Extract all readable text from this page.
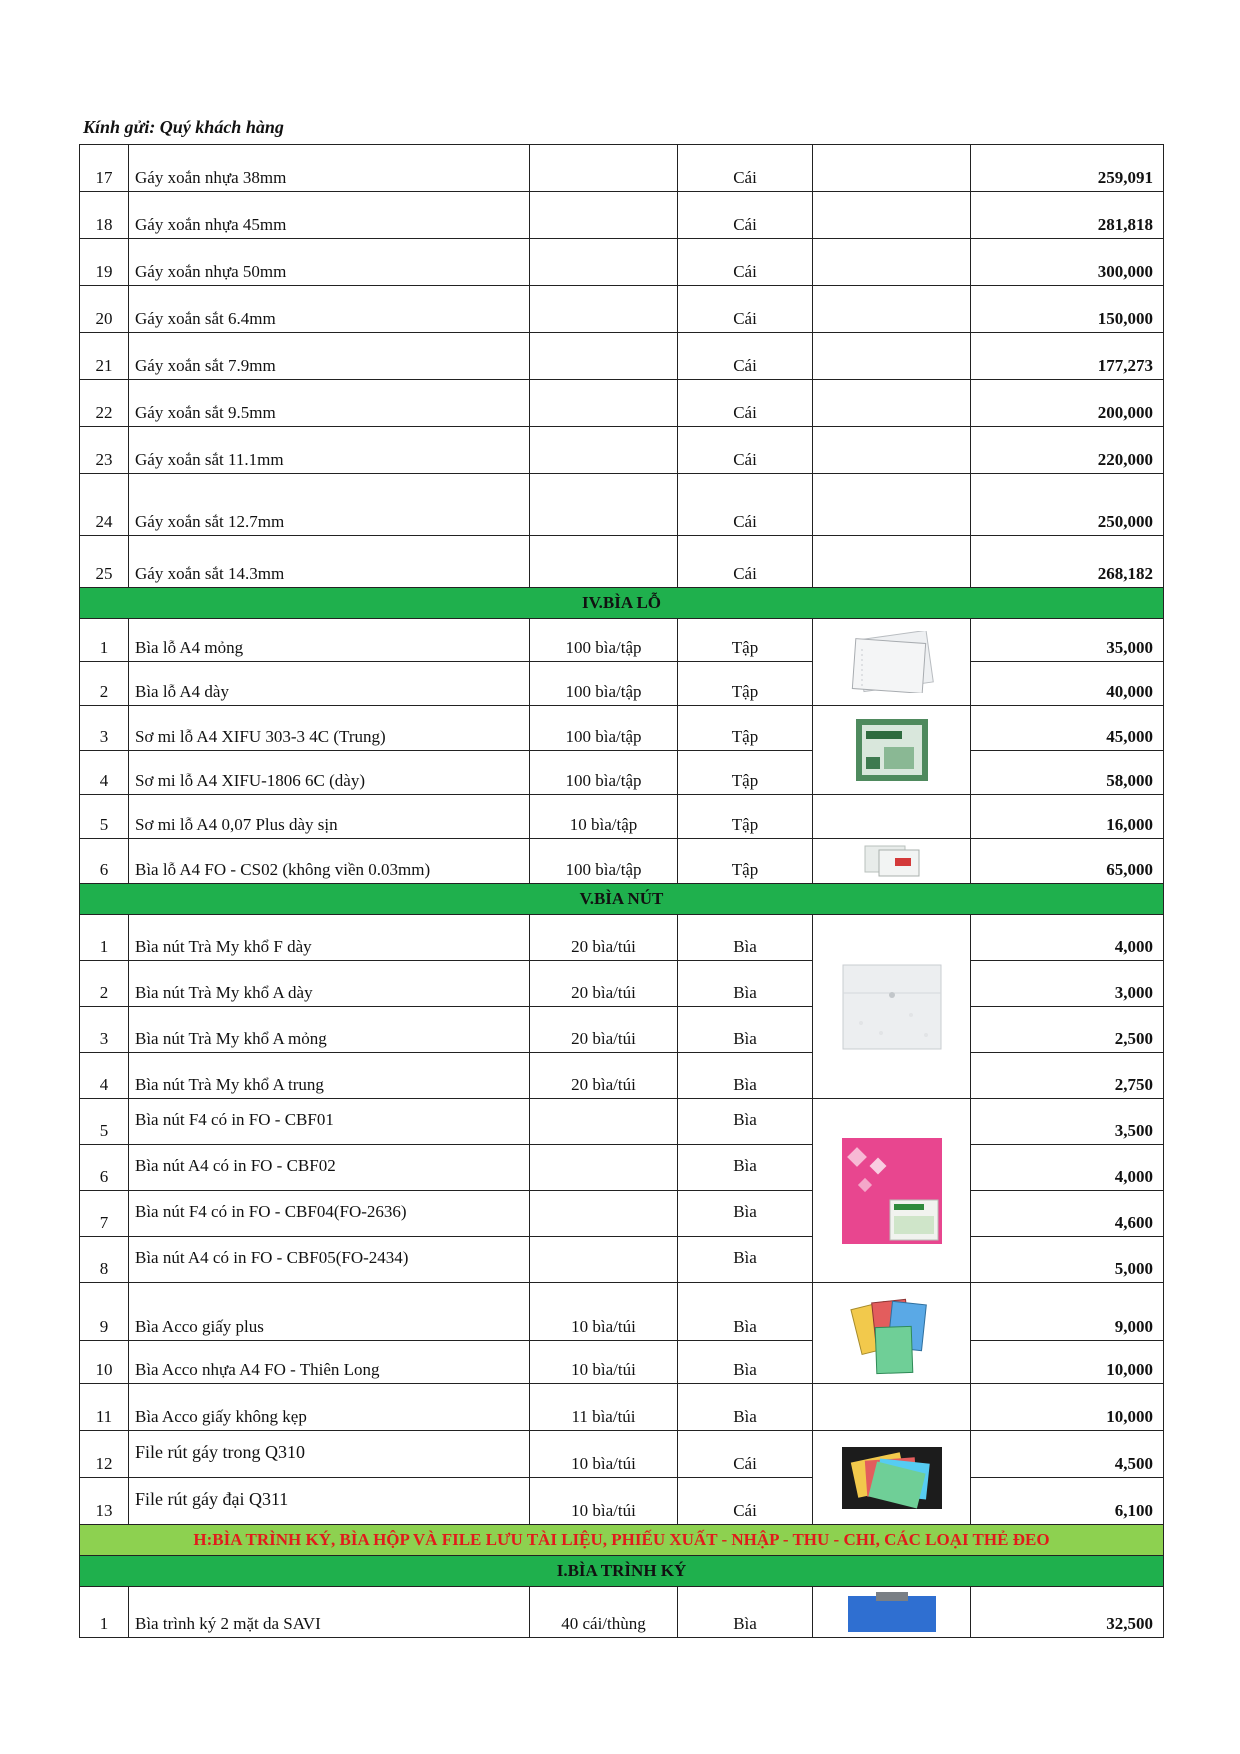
Kính gửi: Quý khách hàng
17	Gáy xoắn nhựa 38mm		Cái		259,091
18	Gáy xoắn nhựa 45mm		Cái		281,818
19	Gáy xoắn nhựa 50mm		Cái		300,000
20	Gáy xoắn sắt 6.4mm		Cái		150,000
21	Gáy xoắn sắt 7.9mm		Cái		177,273
22	Gáy xoắn sắt 9.5mm		Cái		200,000
23	Gáy xoắn sắt 11.1mm		Cái		220,000
24	Gáy xoắn sắt 12.7mm		Cái		250,000
25	Gáy xoắn sắt 14.3mm		Cái		268,182
IV.BÌA LỖ					
1	Bìa lỗ A4 mỏng	100 bìa/tập	Tập		35,000
2	Bìa lỗ A4 dày	100 bìa/tập	Tập		40,000
3	Sơ mi lỗ A4 XIFU 303-3 4C (Trung)	100 bìa/tập	Tập		45,000
4	Sơ mi lỗ A4 XIFU-1806 6C (dày)	100 bìa/tập	Tập		58,000
5	Sơ mi lỗ A4 0,07 Plus dày sịn	10 bìa/tập	Tập		16,000
6	Bìa lỗ A4 FO - CS02 (không viền 0.03mm)	100 bìa/tập	Tập		65,000
V.BÌA NÚT					
1	Bìa nút Trà My khổ F dày	20 bìa/túi	Bìa		4,000
2	Bìa nút Trà My khổ A dày	20 bìa/túi	Bìa		3,000
3	Bìa nút Trà My khổ A mỏng	20 bìa/túi	Bìa		2,500
4	Bìa nút Trà My khổ A trung	20 bìa/túi	Bìa		2,750
5	Bìa nút F4 có in FO - CBF01		Bìa		3,500
6	Bìa nút A4 có in FO - CBF02		Bìa		4,000
7	Bìa nút F4 có in FO - CBF04(FO-2636)		Bìa		4,600
8	Bìa nút A4 có in FO - CBF05(FO-2434)		Bìa		5,000
9	Bìa Acco giấy plus	10 bìa/túi	Bìa		9,000
10	Bìa Acco nhựa A4 FO - Thiên Long	10 bìa/túi	Bìa		10,000
11	Bìa Acco giấy không kẹp	11 bìa/túi	Bìa		10,000
12	File rút gáy trong Q310	10 bìa/túi	Cái		4,500
13	File rút gáy đại Q311	10 bìa/túi	Cái		6,100
H:BÌA TRÌNH KÝ, BÌA HỘP VÀ FILE LƯU TÀI LIỆU, PHIẾU XUẤT - NHẬP - THU - CHI, CÁC LOẠI THẺ ĐEO					
I.BÌA TRÌNH KÝ					
1	Bìa trình ký 2 mặt da SAVI	40 cái/thùng	Bìa		32,500
